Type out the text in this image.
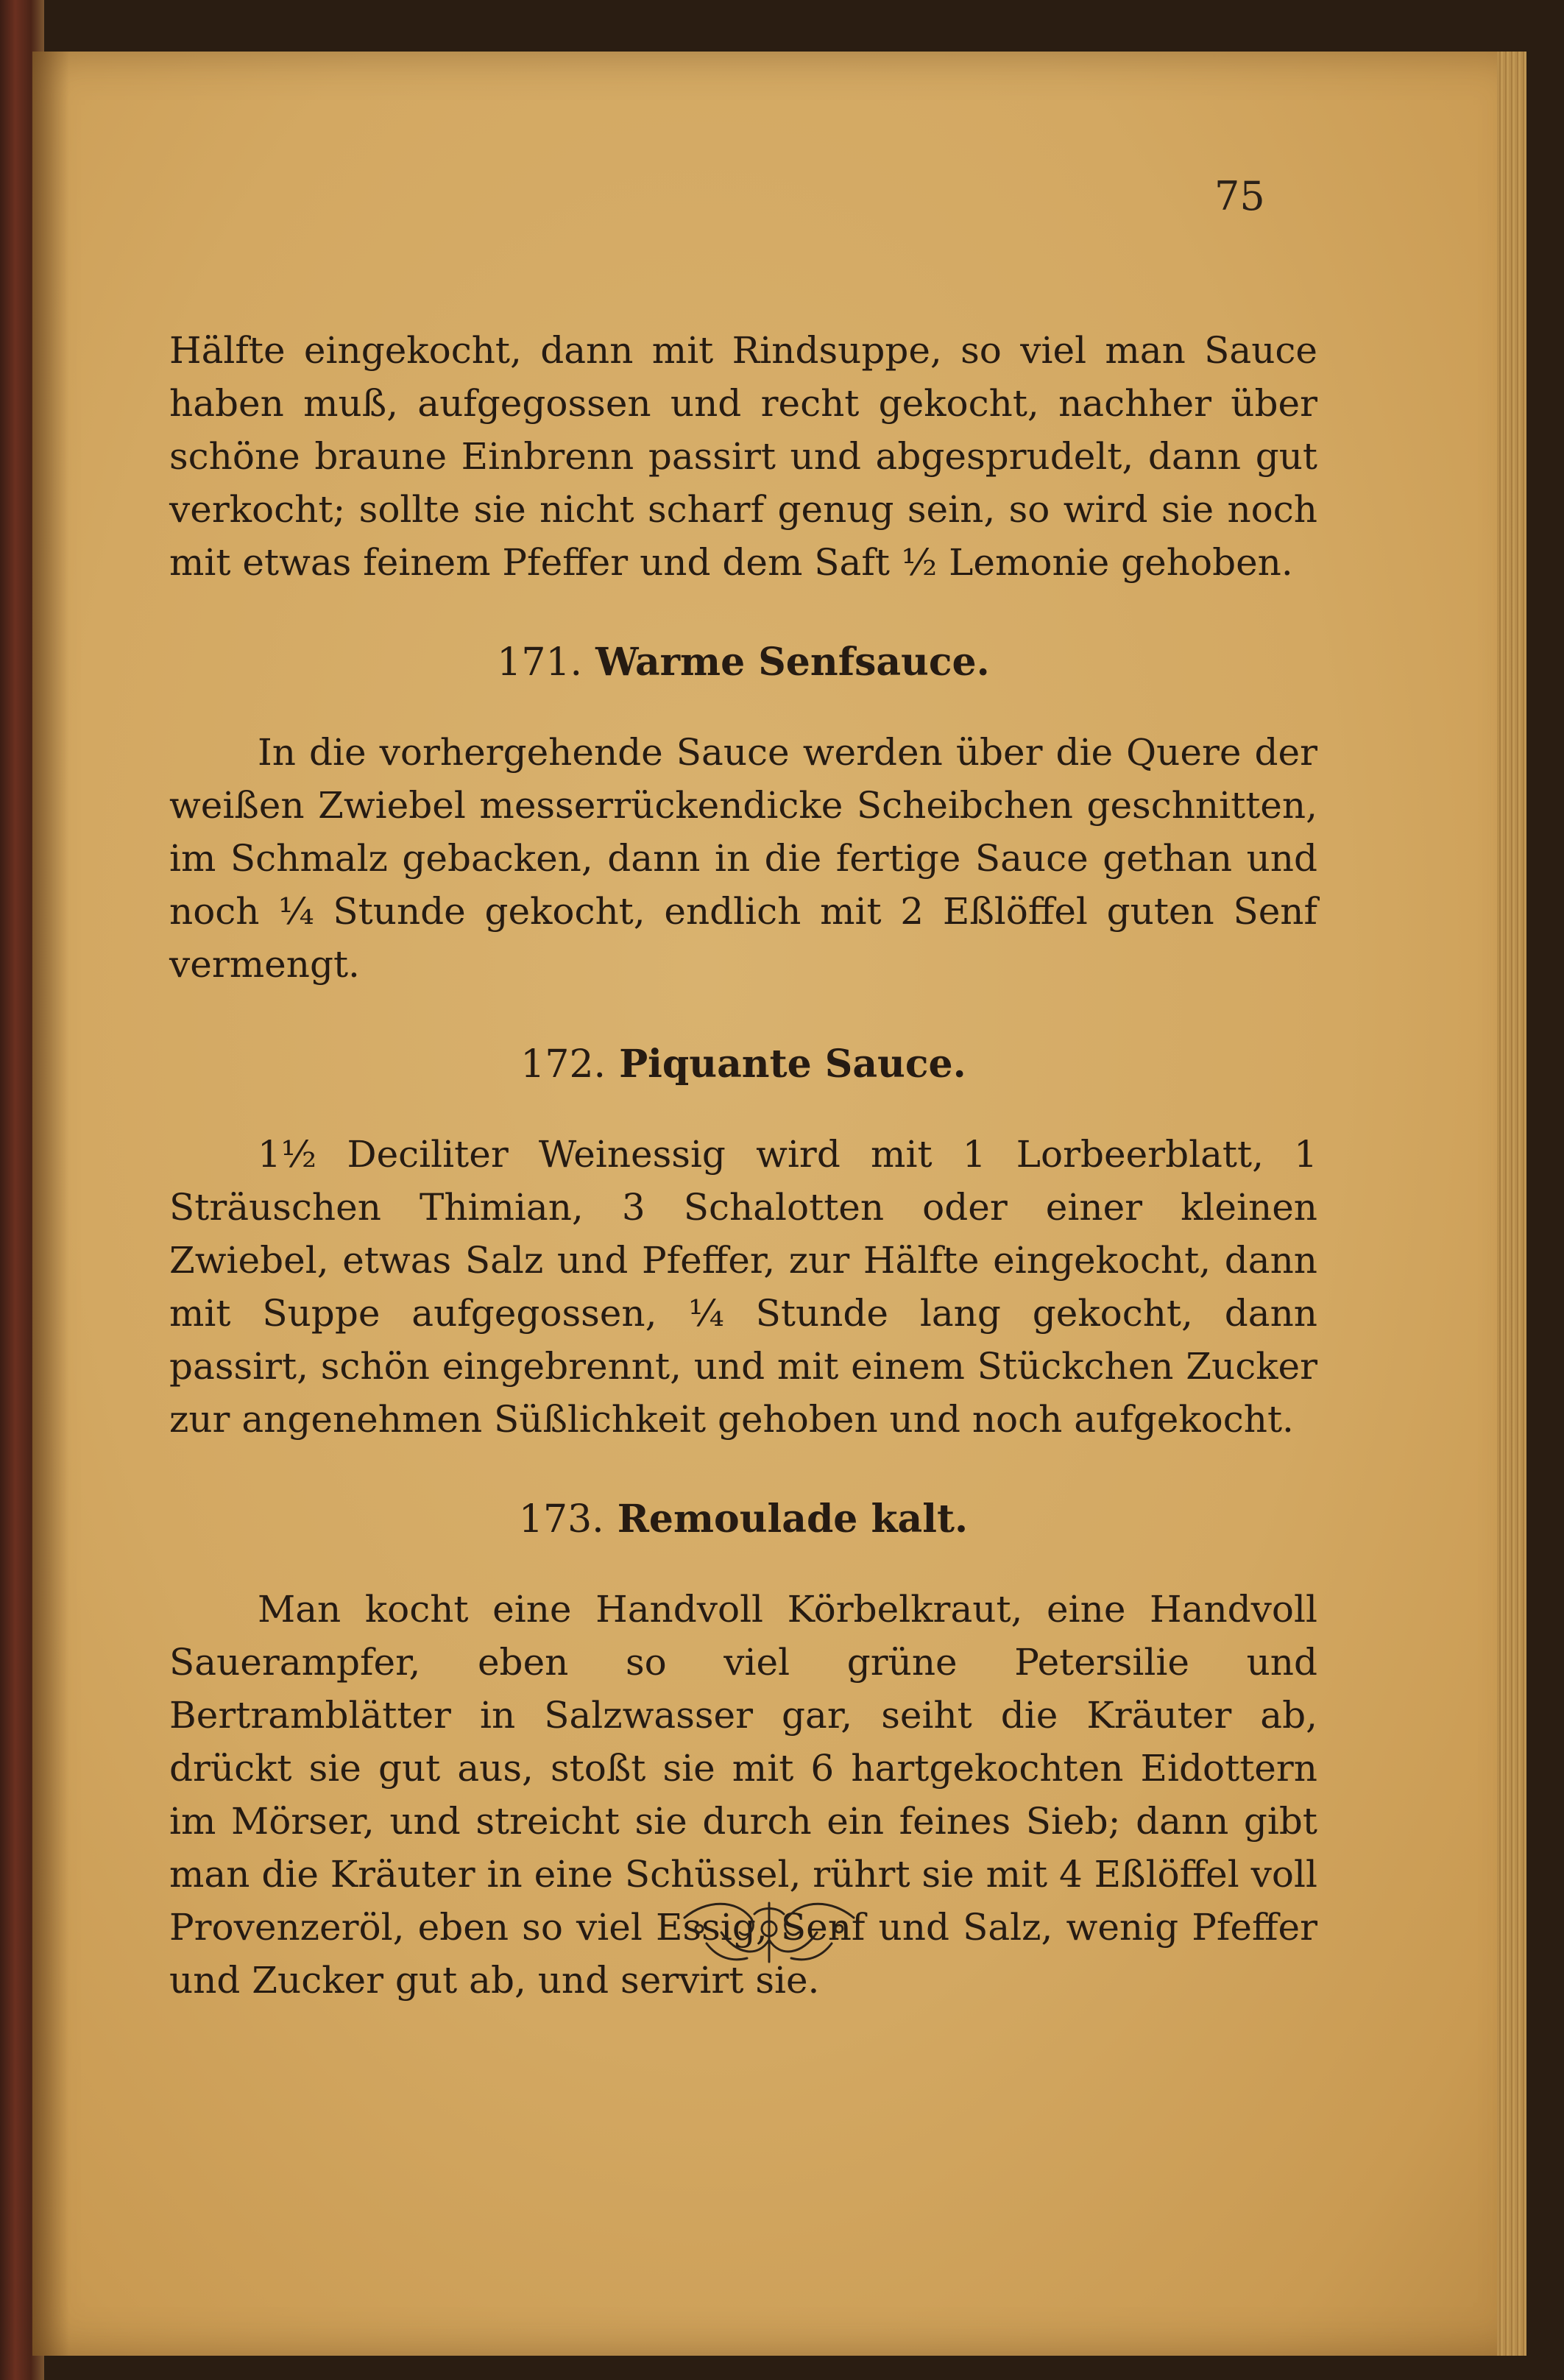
75

Hälfte eingekocht, dann mit Rindsuppe, so viel man Sauce haben muß, aufgegossen und recht gekocht, nachher über schöne braune Einbrenn passirt und abgesprudelt, dann gut verkocht; sollte sie nicht scharf genug sein, so wird sie noch mit etwas feinem Pfeffer und dem Saft ½ Lemonie gehoben.

171. Warme Senfsauce.

In die vorhergehende Sauce werden über die Quere der weißen Zwiebel messerrückendicke Scheibchen geschnitten, im Schmalz gebacken, dann in die fertige Sauce gethan und noch ¼ Stunde gekocht, endlich mit 2 Eßlöffel guten Senf vermengt.

172. Piquante Sauce.

1½ Deciliter Weinessig wird mit 1 Lorbeerblatt, 1 Sträuschen Thimian, 3 Schalotten oder einer kleinen Zwiebel, etwas Salz und Pfeffer, zur Hälfte eingekocht, dann mit Suppe aufgegossen, ¼ Stunde lang gekocht, dann passirt, schön eingebrennt, und mit einem Stückchen Zucker zur angenehmen Süßlichkeit gehoben und noch aufgekocht.

173. Remoulade kalt.

Man kocht eine Handvoll Körbelkraut, eine Handvoll Sauerampfer, eben so viel grüne Petersilie und Bertramblätter in Salzwasser gar, seiht die Kräuter ab, drückt sie gut aus, stoßt sie mit 6 hartgekochten Eidottern im Mörser, und streicht sie durch ein feines Sieb; dann gibt man die Kräuter in eine Schüssel, rührt sie mit 4 Eßlöffel voll Provenzeröl, eben so viel Essig, Senf und Salz, wenig Pfeffer und Zucker gut ab, und servirt sie.
